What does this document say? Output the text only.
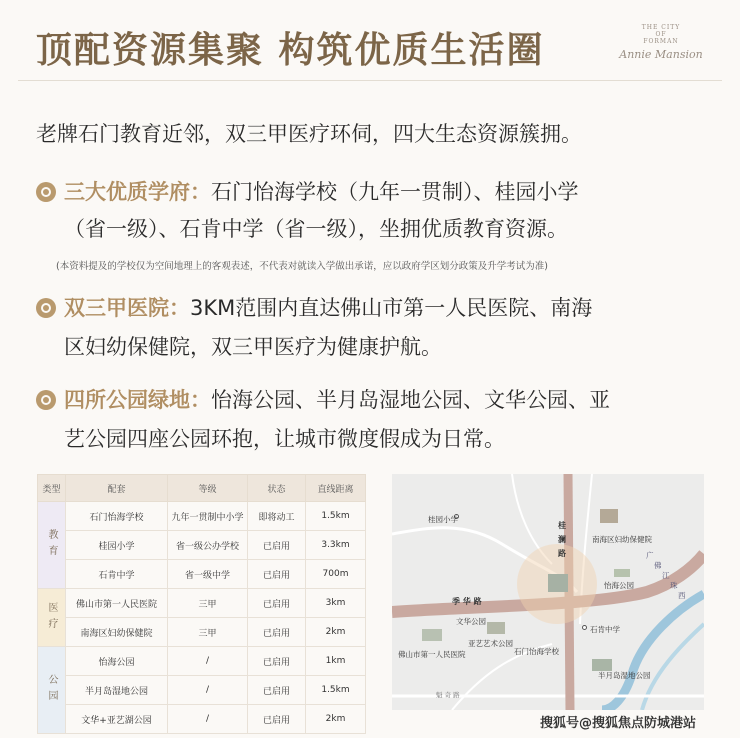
顶配资源集聚 构筑优质生活圈
THE CITY
OF
FORMAN
Annie Mansion
老牌石门教育近邻，双三甲医疗环伺，四大生态资源簇拥。
三大优质学府：石门怡海学校（九年一贯制）、桂园小学
（省一级）、石肯中学（省一级），坐拥优质教育资源。
(本资料提及的学校仅为空间地理上的客观表述，不代表对就读入学做出承诺，应以政府学区划分政策及升学考试为准)
双三甲医院：3KM范围内直达佛山市第一人民医院、南海
区妇幼保健院，双三甲医疗为健康护航。
四所公园绿地：怡海公园、半月岛湿地公园、文华公园、亚
艺公园四座公园环抱，让城市微度假成为日常。
类型	配套	等级	状态	直线距离
教育	石门怡海学校	九年一贯制中小学	即将动工	1.5km
	桂园小学	省一级公办学校	已启用	3.3km
	石肯中学	省一级中学	已启用	700m
医疗	佛山市第一人民医院	三甲	已启用	3km
	南海区妇幼保健院	三甲	已启用	2km
公园	怡海公园	/	已启用	1km
	半月岛湿地公园	/	已启用	1.5km
	文华+亚艺湖公园	/	已启用	2km
桂园小学
桂
澜
路
南海区妇幼保健院
怡海公园
季 华 路
文华公园
石肯中学
亚艺艺术公园
佛山市第一人民医院	石门怡海学校
半月岛湿地公园
广
佛
江
珠
西
魁 奇 路
搜狐号@搜狐焦点防城港站
